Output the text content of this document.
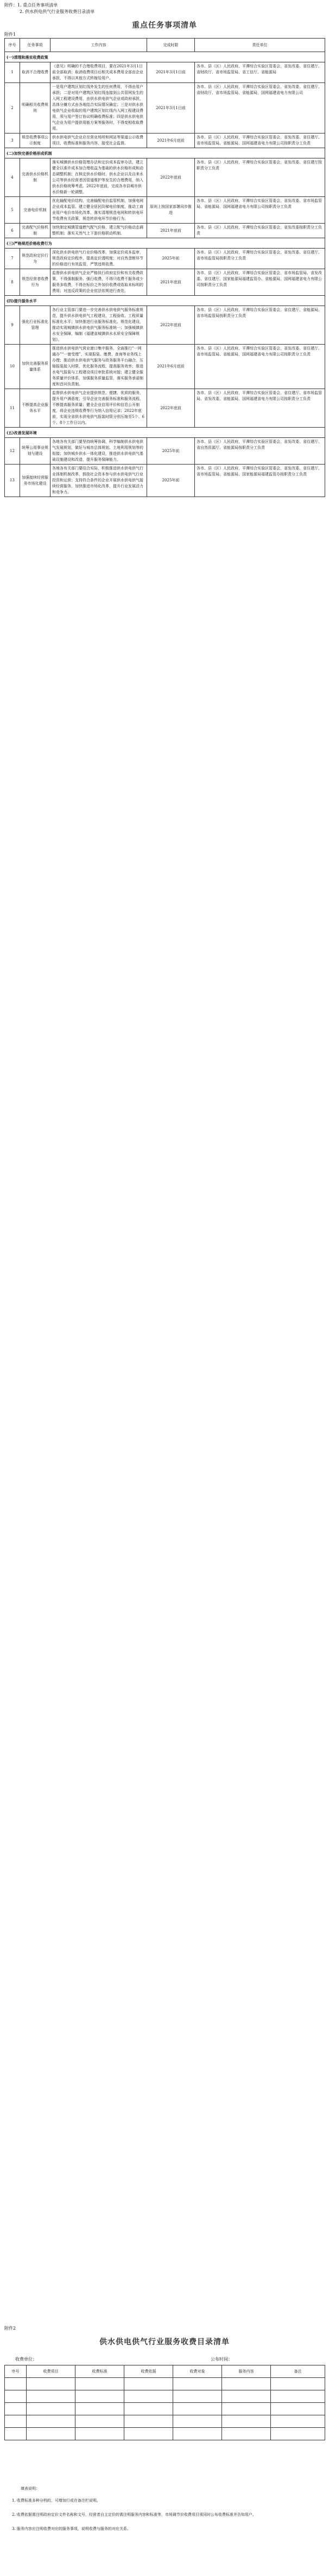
附件：1. 重点任务事项清单
2. 供水供电供气行业服务收费目录清单
附件1
重点任务事项清单
序号	任务事项	工作内容	完成时限	责任单位
(一)清理和落实收费政策				
1	取消不合理收费	《意见》明确的不合理收费项目，要在2021年3月1日前全部取消；取消收费项目后相关成本费用全部由企业承担，不得以其他方式转嫁给用户。	2021年3月1日前	各市、县（区）人民政府，平潭综合实验区管委会，省发改委、省住建厅、省财政厅、省市场监管局、省工信厅、省能源局
2	明确相关收费规则	一是用户建筑区划红线外发生的任何费用，不得由用户承担；二是对用户建筑区划红线连接到公共管网发生的入网工程建设费用，由供水供电供气企业或政府承担，具体分摊方式由各地结合实际情况确定；三是对供水供电供气企业收取的用户建筑区划红线内入网工程建设费用，须与用户签订协议明确收费标准；四是供水供电供气企业为用户提供用能方案等服务时，不得变相收取费用。	2021年3月1日前	各市、县（区）人民政府，平潭综合实验区管委会，省发改委、省住建厅、省财政厅、省市场监管局、省能源局，国网福建省电力有限公司
3	规范收费事项公示制度	供水供电供气企业应在营业场所和网站等渠道公示收费项目、收费标准和服务内容，接受社会监督。	2021年6月底前	各市、县（区）人民政府，平潭综合实验区管委会，省发改委、省住建厅、省市场监管局、省能源局，国网福建省电力有限公司按职责分工负责
(二)加快完善价格形成机制				
4	完善供水价格机制	落实城镇供水价格管理办法和定价成本监审办法，建立健全以准许成本加合理收益为基础的供水价格形成和动态调整机制；在核定供水价格时，供水企业以及自来水公司等供水经营者因管道维护等发生的合理费用，纳入供水价格统筹考虑。2022年底前，完成各市县城市供水价格新一轮调整。	2022年底前	各市、县（区）人民政府，平潭综合实验区管委会，省发改委、省住建厅按职责分工负责
5	完善电价机制	优化输配电价结构，完善输配电价监管机制，加强电网企业成本监管。建立健全居民阶梯电价制度，推动工商业用户电价市场化改革，落实清理规范电网和转供电环节收费有关政策，规范转供电环节价格行为。	原则上按国家部署同步推进	各市、县（区）人民政府，平潭综合实验区管委会，省发改委、省市场监管局、省能源局，国网福建省电力有限公司按职责分工负责
6	完善配气价格机制	加快制定城镇管道燃气配气价格，建立配气价格动态调整机制；落实天然气上下游价格联动机制。	2021年底前	各市、县（区）人民政府，平潭综合实验区管委会，省发改委按职责分工负责
(三)严格规范价格收费行为				
7	规范政府定价行为	深化供水供电供气行业价格改革，加强定价成本监审，规范政府定价程序，提高定价透明度；对自然垄断环节的价格进行有效监管，严禁违规收费。	2025年前	各市、县（区）人民政府，平潭综合实验区管委会，省发改委、省住建厅、省市场监管局按职责分工负责
8	规范经营者收费行为	监督供水供电供气企业严格执行政府定价和有关收费政策，不得强制服务、强行收费，不得只收费不服务或少服务多收费，不得在标价之外加价收费或收取未标明的费用；对违反政策的企业依法依规进行查处。	2021年底前	各市、县（区）人民政府，平潭综合实验区管委会，省市场监管局、省发改委、省住建厅、国家能源局福建监管办、省能源局，国网福建省电力有限公司按职责分工负责
(四)提升服务水平				
9	强化行业标准化管理	各行业主管部门要进一步完善供水供电供气服务标准规范，提升供水供电供气工程建设、工程验收、工程质量标准化水平；加快推进行业服务标准化、规范化建设，推动实现城镇供水供电供气服务标准统一；加强城镇供水安全保障，编制《福建省城镇供水水质安全保障规划》。	2022年底前	各市、县（区）人民政府，平潭综合实验区管委会，省住建厅、省能源局、省市场监管局按职责分工负责
10	加快完善服务质量体系	推进供水供电供气营业窗口集中服务，全面推行“一网通办”“一窗受理”，实现报装、缴费、查询等业务线上办理；推动供水供电供气服务与政务服务平台融合，压缩报装接入时限，优化服务流程，提高服务效率；推进水电气报装与工程建设项目审批系统对接；建立健全服务质量评价体系，加强服务质量监管，落实服务承诺制度和首问负责制。	2021年6月底前	各市、县（区）人民政府，平潭综合实验区管委会，省发改委、省住建厅、省市场监管局、省能源局，国网福建省电力有限公司按职责分工负责
11	不断提高企业服务水平	监督供水供电供气企业提供规范、便捷、优质的服务，提升用户满意度；引导企业完善服务标准和服务流程，不断提高服务质量；健全企业信用评价和信息公开制度，将企业违规收费等行为纳入信用记录；2022年底前，实现全省供水供电供气报装时限分别压缩至5个、6个、8个工作日以内。	2022年底前	各市、县（区）人民政府，平潭综合实验区管委会，省住建厅、省市场监管局、省发改委、省能源局，国网福建省电力有限公司按职责分工负责
(五)改善发展环境				
12	统筹公用事业规划与建设	各地各有关部门要坚持统筹协调，科学编制供水供电供气发展规划，做好与城市总体规划、土地利用规划等的衔接；加快城乡供水一体化建设，推进供水供电供气基础设施建设和改造，提升服务保障能力。	2025年前	各市、县（区）人民政府，平潭综合实验区管委会，省发改委、省住建厅、省自然资源厅、省能源局按职责分工负责
13	加强接续经营服务市场化建设	各地各有关部门要结合实际，积极推进供水供电供气行业体制机制改革，鼓励社会资本参与供水供电供气行业投资和运营；支持符合条件的企业开展供水供电供气接续经营服务，加快推进市场化改革，提升行业发展活力和竞争力。	2025年前	各市、县（区）人民政府，平潭综合实验区管委会，省发改委、省住建厅、省市场监管局、省能源局、国家能源局福建监管办按职责分工负责
附件2
供水供电供气行业服务收费目录清单
收费单位：	公布时间：
序号	收费项目	收费标准	收费依据	收费对象	服务内容	备注

填表说明：

1. 收费标准多种分档的，可增加行或在备注栏说明。

2. 收费依据需注明政府定价文件名称和文号，经营者自主定价的需注明服务内容和标准等，市场调节价收费项目须同时公布收费标准并告知用户。

3. 服务内容应注明收费对应的服务事项，说明收费与服务的对应关系。
